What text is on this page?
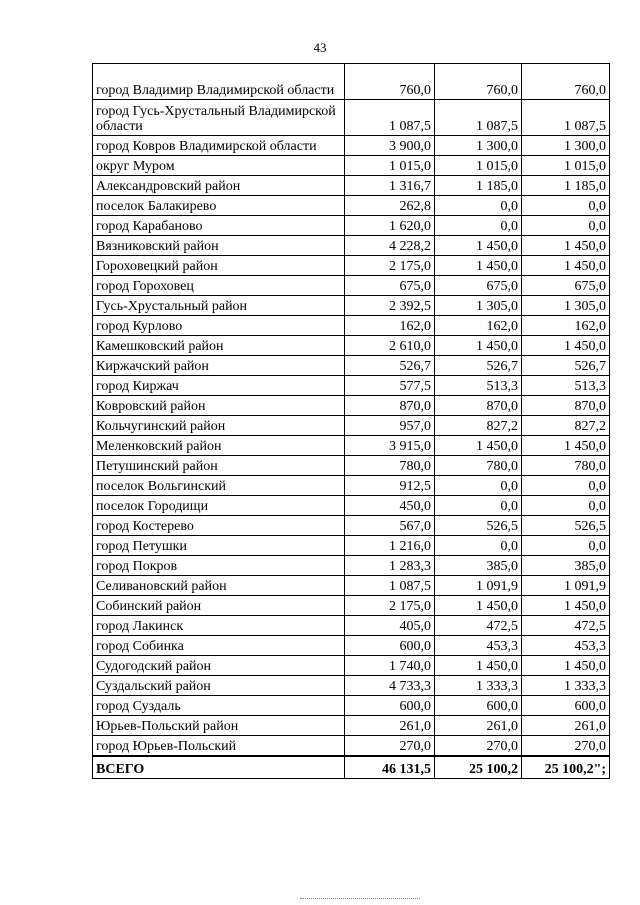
43
город Владимир Владимирской области	760,0	760,0	760,0
город Гусь-Хрустальный Владимирской области	1 087,5	1 087,5	1 087,5
город Ковров Владимирской области	3 900,0	1 300,0	1 300,0
округ Муром	1 015,0	1 015,0	1 015,0
Александровский район	1 316,7	1 185,0	1 185,0
поселок Балакирево	262,8	0,0	0,0
город Карабаново	1 620,0	0,0	0,0
Вязниковский район	4 228,2	1 450,0	1 450,0
Гороховецкий район	2 175,0	1 450,0	1 450,0
город Гороховец	675,0	675,0	675,0
Гусь-Хрустальный район	2 392,5	1 305,0	1 305,0
город Курлово	162,0	162,0	162,0
Камешковский район	2 610,0	1 450,0	1 450,0
Киржачский район	526,7	526,7	526,7
город Киржач	577,5	513,3	513,3
Ковровский район	870,0	870,0	870,0
Кольчугинский район	957,0	827,2	827,2
Меленковский район	3 915,0	1 450,0	1 450,0
Петушинский район	780,0	780,0	780,0
поселок Вольгинский	912,5	0,0	0,0
поселок Городищи	450,0	0,0	0,0
город Костерево	567,0	526,5	526,5
город Петушки	1 216,0	0,0	0,0
город Покров	1 283,3	385,0	385,0
Селивановский район	1 087,5	1 091,9	1 091,9
Собинский район	2 175,0	1 450,0	1 450,0
город Лакинск	405,0	472,5	472,5
город Собинка	600,0	453,3	453,3
Судогодский район	1 740,0	1 450,0	1 450,0
Суздальский район	4 733,3	1 333,3	1 333,3
город Суздаль	600,0	600,0	600,0
Юрьев-Польский район	261,0	261,0	261,0
город Юрьев-Польский	270,0	270,0	270,0
ВСЕГО	46 131,5	25 100,2	25 100,2";
